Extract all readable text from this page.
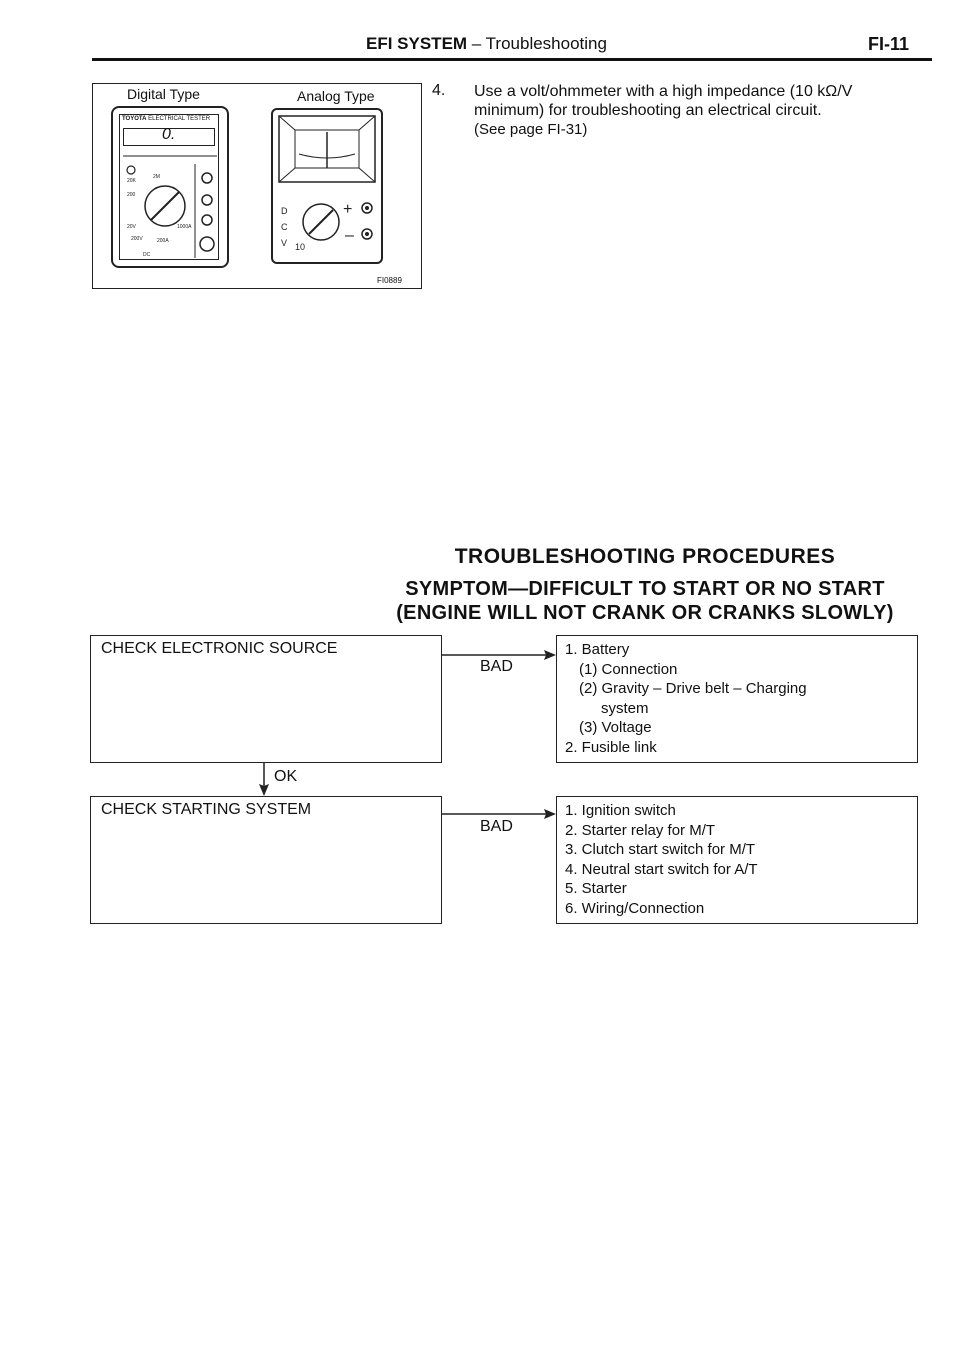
EFI SYSTEM – Troubleshooting	FI-11
Digital Type	Analog Type
TOYOTA ELECTRICAL TESTER
0.
20K
2M
200
20V
200V	200A
DC
1000A
D
C
V 10
+
–
FI0889
4. Use a volt/ohmmeter with a high impedance (10 kΩ/V
minimum) for troubleshooting an electrical circuit.
(See page FI-31)
TROUBLESHOOTING PROCEDURES
SYMPTOM—DIFFICULT TO START OR NO START
(ENGINE WILL NOT CRANK OR CRANKS SLOWLY)
CHECK ELECTRONIC SOURCE	1. Battery
(1) Connection
(2) Gravity – Drive belt – Charging
system
(3) Voltage
2. Fusible link
BAD
OK
CHECK STARTING SYSTEM	1. Ignition switch
2. Starter relay for M/T
3. Clutch start switch for M/T
4. Neutral start switch for A/T
5. Starter
6. Wiring/Connection
BAD
